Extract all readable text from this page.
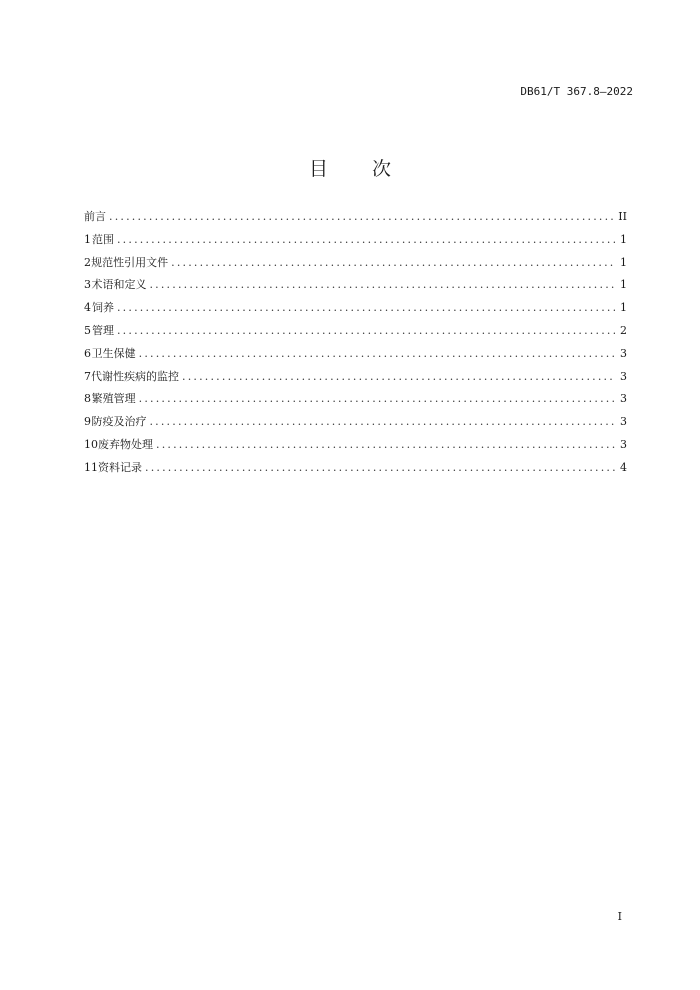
DB61/T 367.8—2022
目 次
前言 .....	II
1 范围 .....	1
2 规范性引用文件 .....	1
3 术语和定义 .....	1
4 饲养 .....	1
5 管理 .....	2
6 卫生保健 .....	3
7 代谢性疾病的监控 .....	3
8 繁殖管理 .....	3
9 防疫及治疗 .....	3
10 废弃物处理 .....	3
11 资料记录 .....	4
I
